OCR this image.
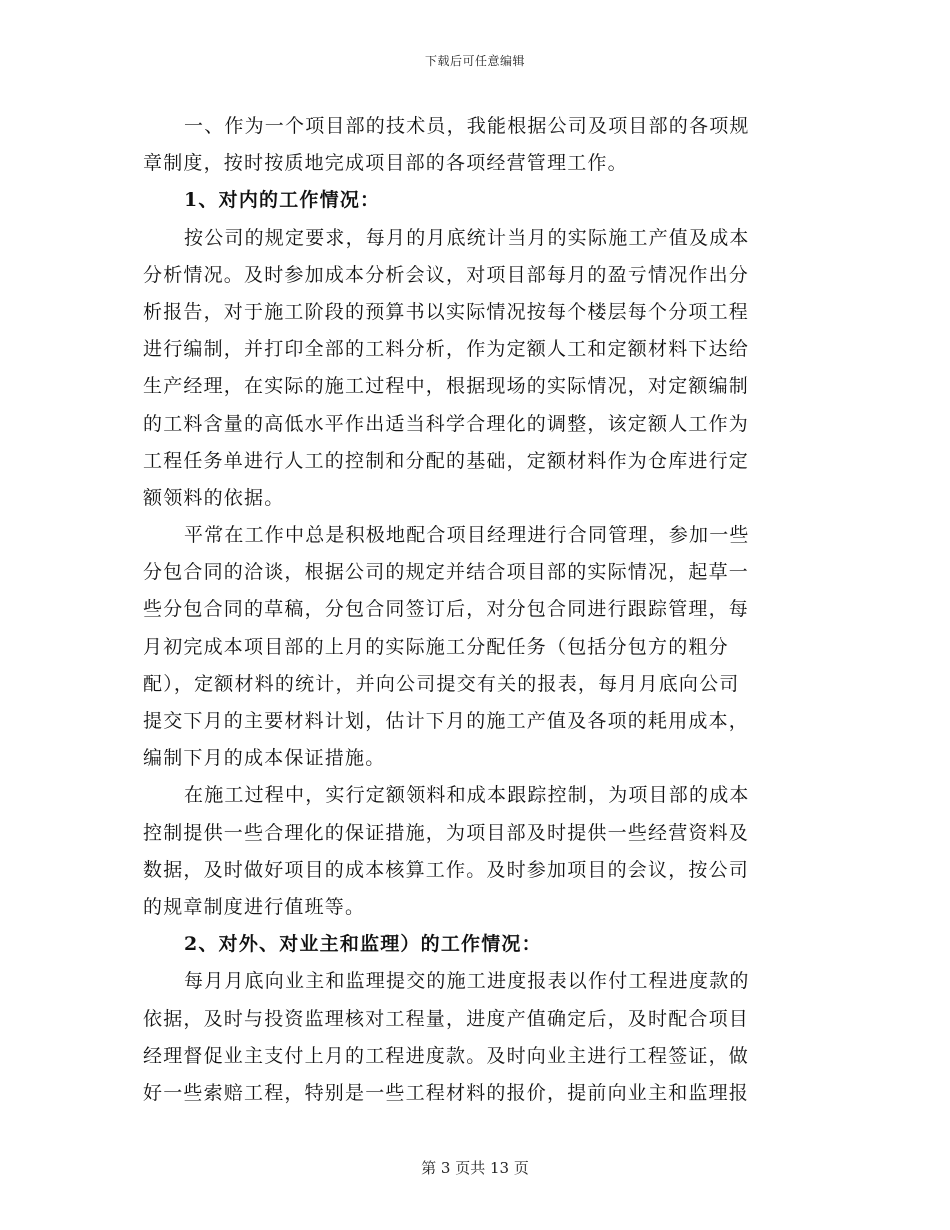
下载后可任意编辑
一、作为一个项目部的技术员，我能根据公司及项目部的各项规
章制度，按时按质地完成项目部的各项经营管理工作。
1、对内的工作情况：
按公司的规定要求，每月的月底统计当月的实际施工产值及成本
分析情况。及时参加成本分析会议，对项目部每月的盈亏情况作出分
析报告，对于施工阶段的预算书以实际情况按每个楼层每个分项工程
进行编制，并打印全部的工料分析，作为定额人工和定额材料下达给
生产经理，在实际的施工过程中，根据现场的实际情况，对定额编制
的工料含量的高低水平作出适当科学合理化的调整，该定额人工作为
工程任务单进行人工的控制和分配的基础，定额材料作为仓库进行定
额领料的依据。
平常在工作中总是积极地配合项目经理进行合同管理，参加一些
分包合同的洽谈，根据公司的规定并结合项目部的实际情况，起草一
些分包合同的草稿，分包合同签订后，对分包合同进行跟踪管理，每
月初完成本项目部的上月的实际施工分配任务（包括分包方的粗分
配），定额材料的统计，并向公司提交有关的报表，每月月底向公司
提交下月的主要材料计划，估计下月的施工产值及各项的耗用成本，
编制下月的成本保证措施。
在施工过程中，实行定额领料和成本跟踪控制，为项目部的成本
控制提供一些合理化的保证措施，为项目部及时提供一些经营资料及
数据，及时做好项目的成本核算工作。及时参加项目的会议，按公司
的规章制度进行值班等。
2、对外、对业主和监理）的工作情况：
每月月底向业主和监理提交的施工进度报表以作付工程进度款的
依据，及时与投资监理核对工程量，进度产值确定后，及时配合项目
经理督促业主支付上月的工程进度款。及时向业主进行工程签证，做
好一些索赔工程，特别是一些工程材料的报价，提前向业主和监理报
第 3 页共 13 页
